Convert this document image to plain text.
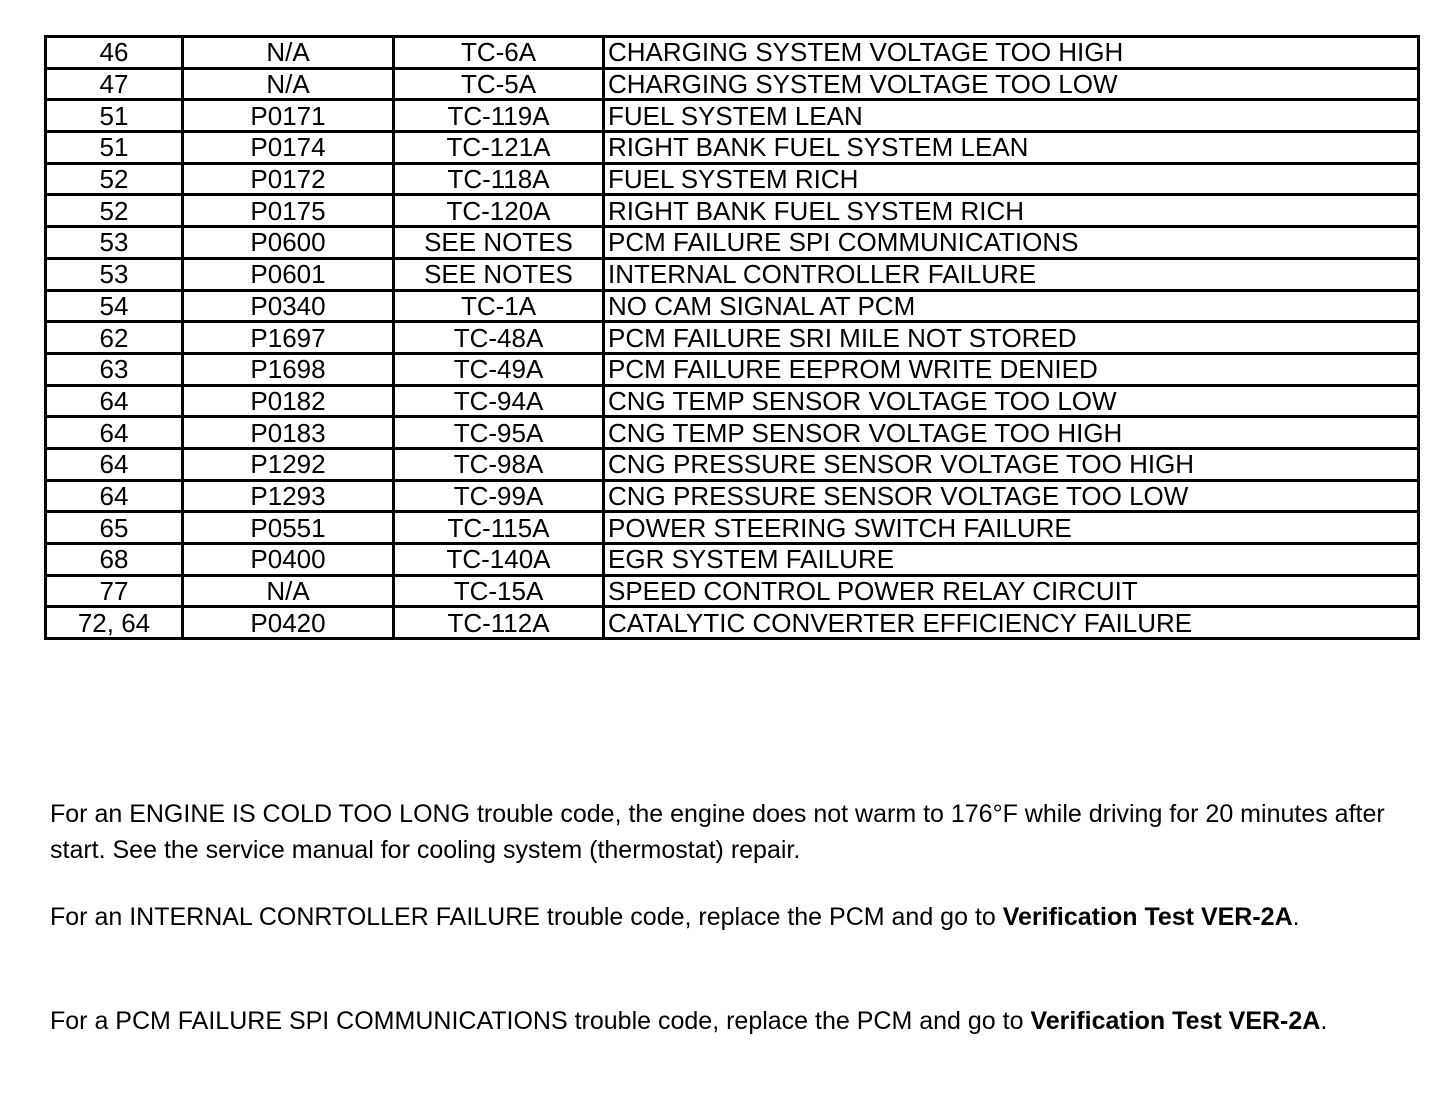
46	N/A	TC-6A	CHARGING SYSTEM VOLTAGE TOO HIGH
47	N/A	TC-5A	CHARGING SYSTEM VOLTAGE TOO LOW
51	P0171	TC-119A	FUEL SYSTEM LEAN
51	P0174	TC-121A	RIGHT BANK FUEL SYSTEM LEAN
52	P0172	TC-118A	FUEL SYSTEM RICH
52	P0175	TC-120A	RIGHT BANK FUEL SYSTEM RICH
53	P0600	SEE NOTES	PCM FAILURE SPI COMMUNICATIONS
53	P0601	SEE NOTES	INTERNAL CONTROLLER FAILURE
54	P0340	TC-1A	NO CAM SIGNAL AT PCM
62	P1697	TC-48A	PCM FAILURE SRI MILE NOT STORED
63	P1698	TC-49A	PCM FAILURE EEPROM WRITE DENIED
64	P0182	TC-94A	CNG TEMP SENSOR VOLTAGE TOO LOW
64	P0183	TC-95A	CNG TEMP SENSOR VOLTAGE TOO HIGH
64	P1292	TC-98A	CNG PRESSURE SENSOR VOLTAGE TOO HIGH
64	P1293	TC-99A	CNG PRESSURE SENSOR VOLTAGE TOO LOW
65	P0551	TC-115A	POWER STEERING SWITCH FAILURE
68	P0400	TC-140A	EGR SYSTEM FAILURE
77	N/A	TC-15A	SPEED CONTROL POWER RELAY CIRCUIT
72, 64	P0420	TC-112A	CATALYTIC CONVERTER EFFICIENCY FAILURE
For an ENGINE IS COLD TOO LONG trouble code, the engine does not warm to 176°F while driving for 20 minutes after start. See the service manual for cooling system (thermostat) repair.
For an INTERNAL CONRTOLLER FAILURE trouble code, replace the PCM and go to Verification Test VER-2A.
For a PCM FAILURE SPI COMMUNICATIONS trouble code, replace the PCM and go to Verification Test VER-2A.
